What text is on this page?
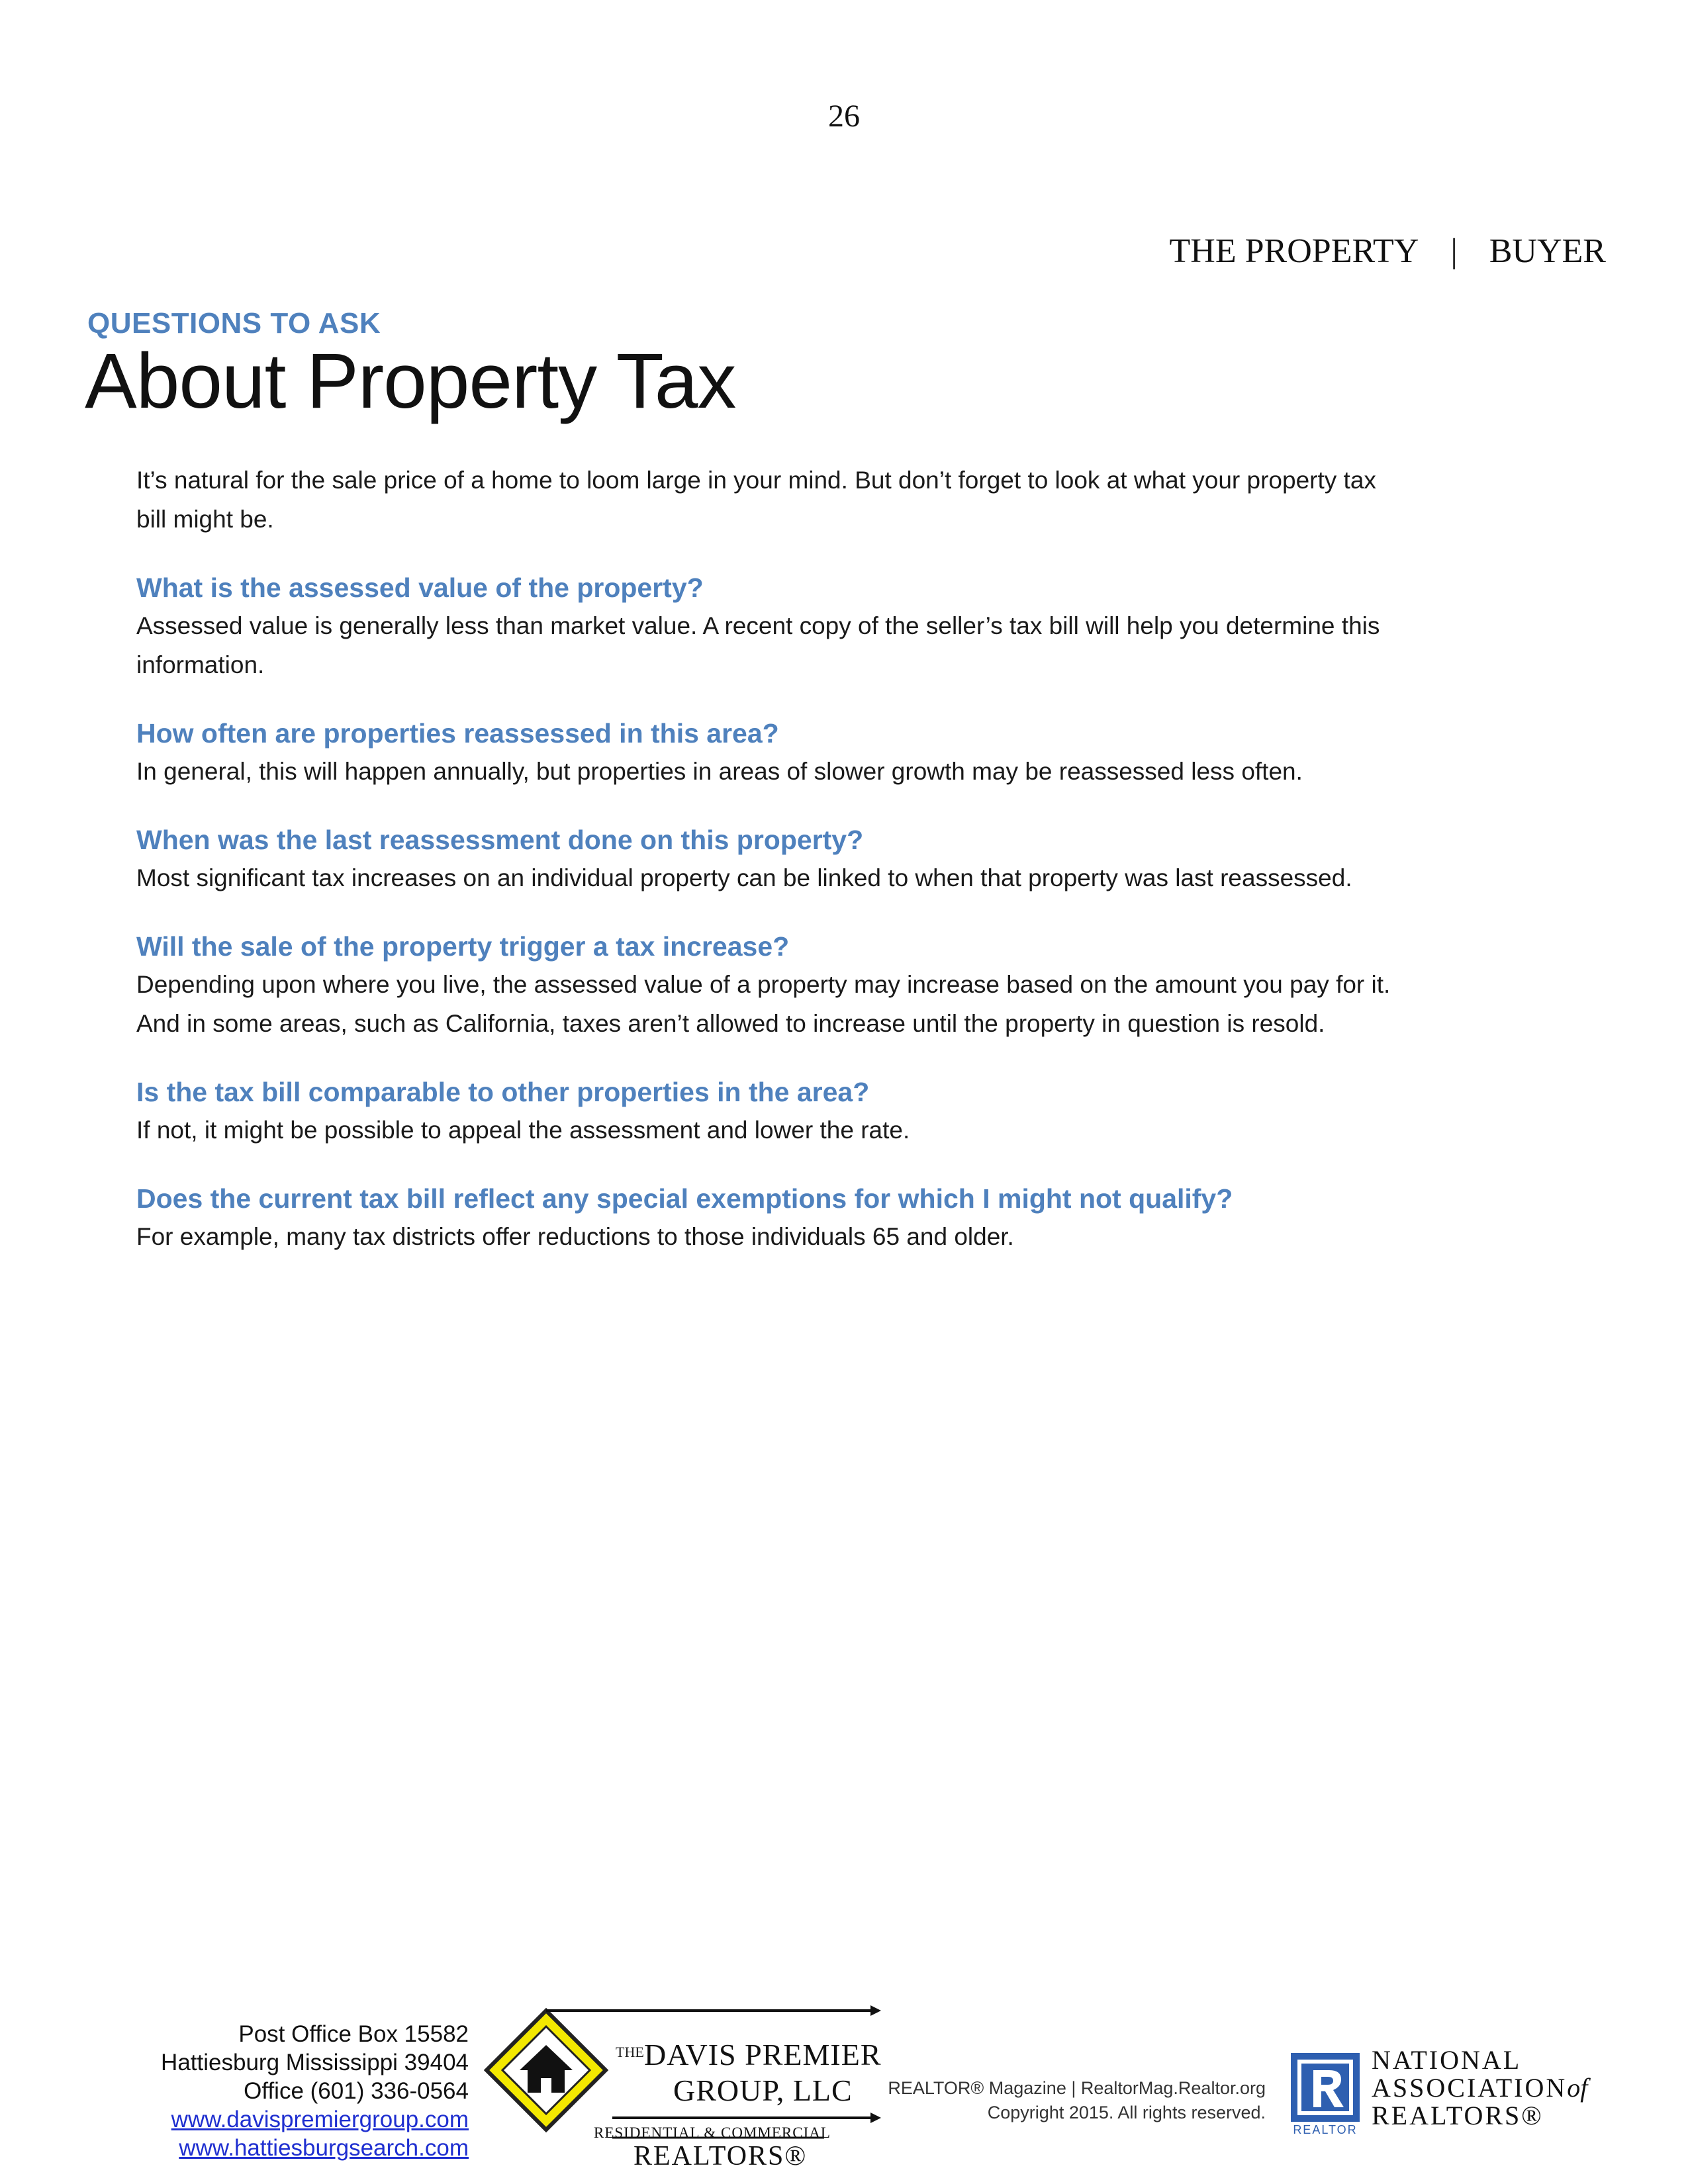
26
THE PROPERTY | BUYER
QUESTIONS TO ASK
About Property Tax

It’s natural for the sale price of a home to loom large in your mind. But don’t forget to look at what your property tax
bill might be.

What is the assessed value of the property?
Assessed value is generally less than market value. A recent copy of the seller’s tax bill will help you determine this
information.
How often are properties reassessed in this area?
In general, this will happen annually, but properties in areas of slower growth may be reassessed less often.
When was the last reassessment done on this property?
Most significant tax increases on an individual property can be linked to when that property was last reassessed.
Will the sale of the property trigger a tax increase?
Depending upon where you live, the assessed value of a property may increase based on the amount you pay for it.
And in some areas, such as California, taxes aren’t allowed to increase until the property in question is resold.
Is the tax bill comparable to other properties in the area?
If not, it might be possible to appeal the assessment and lower the rate.
Does the current tax bill reflect any special exemptions for which I might not qualify?
For example, many tax districts offer reductions to those individuals 65 and older.
Post Office Box 15582
Hattiesburg Mississippi 39404
Office (601) 336-0564
www.davispremiergroup.com
www.hattiesburgsearch.com
THE DAVIS PREMIER
GROUP, LLC
RESIDENTIAL & COMMERCIAL
REALTORS®
REALTOR® Magazine | RealtorMag.Realtor.org
Copyright 2015. All rights reserved.
REALTOR
NATIONAL
ASSOCIATIONof
REALTORS®
